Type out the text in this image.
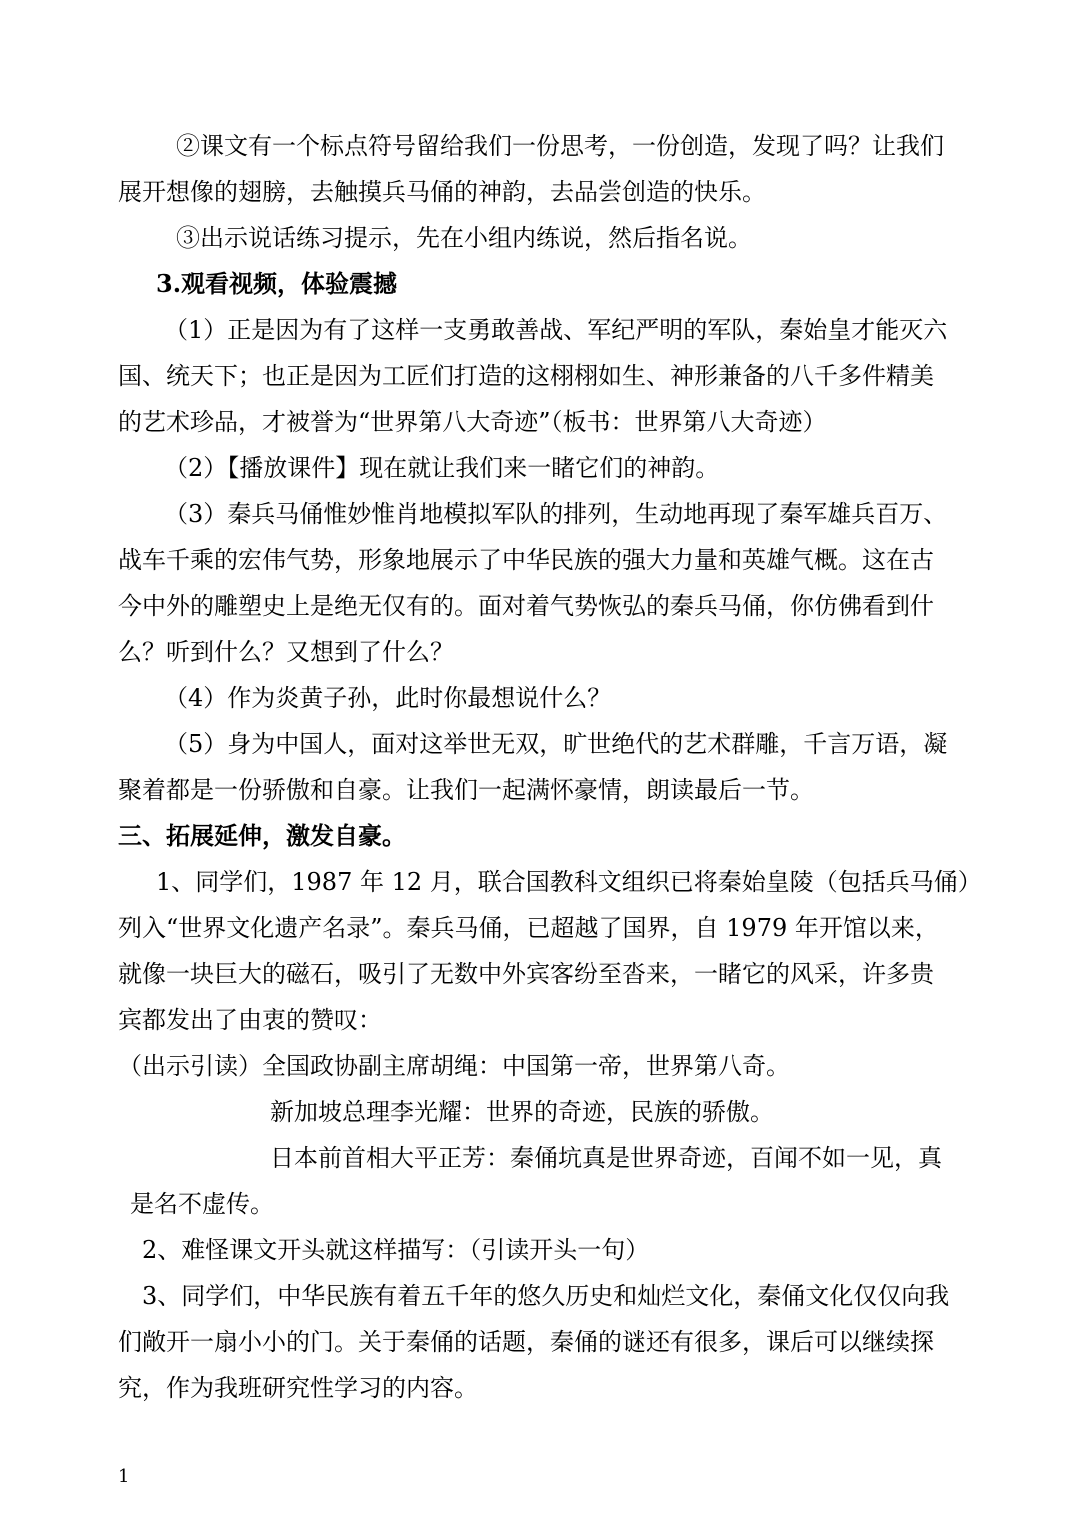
②课文有一个标点符号留给我们一份思考，一份创造，发现了吗？让我们
展开想像的翅膀，去触摸兵马俑的神韵，去品尝创造的快乐。
③出示说话练习提示，先在小组内练说，然后指名说。
3.观看视频，体验震撼
（1）正是因为有了这样一支勇敢善战、军纪严明的军队，秦始皇才能灭六
国、统天下；也正是因为工匠们打造的这栩栩如生、神形兼备的八千多件精美
的艺术珍品，才被誉为“世界第八大奇迹”（板书：世界第八大奇迹）
（2）【播放课件】现在就让我们来一睹它们的神韵。
（3）秦兵马俑惟妙惟肖地模拟军队的排列，生动地再现了秦军雄兵百万、
战车千乘的宏伟气势，形象地展示了中华民族的强大力量和英雄气概。这在古
今中外的雕塑史上是绝无仅有的。面对着气势恢弘的秦兵马俑，你仿佛看到什
么？听到什么？又想到了什么？
（4）作为炎黄子孙，此时你最想说什么？
（5）身为中国人，面对这举世无双，旷世绝代的艺术群雕，千言万语，凝
聚着都是一份骄傲和自豪。让我们一起满怀豪情，朗读最后一节。
三、拓展延伸，激发自豪。
1、同学们，1987 年 12 月，联合国教科文组织已将秦始皇陵（包括兵马俑）
列入“世界文化遗产名录”。秦兵马俑，已超越了国界，自 1979 年开馆以来，
就像一块巨大的磁石，吸引了无数中外宾客纷至沓来，一睹它的风采，许多贵
宾都发出了由衷的赞叹：
（出示引读）全国政协副主席胡绳：中国第一帝，世界第八奇。
新加坡总理李光耀：世界的奇迹，民族的骄傲。
日本前首相大平正芳：秦俑坑真是世界奇迹，百闻不如一见，真
是名不虚传。
2、难怪课文开头就这样描写：（引读开头一句）
3、同学们，中华民族有着五千年的悠久历史和灿烂文化，秦俑文化仅仅向我
们敞开一扇小小的门。关于秦俑的话题，秦俑的谜还有很多，课后可以继续探
究，作为我班研究性学习的内容。
1
